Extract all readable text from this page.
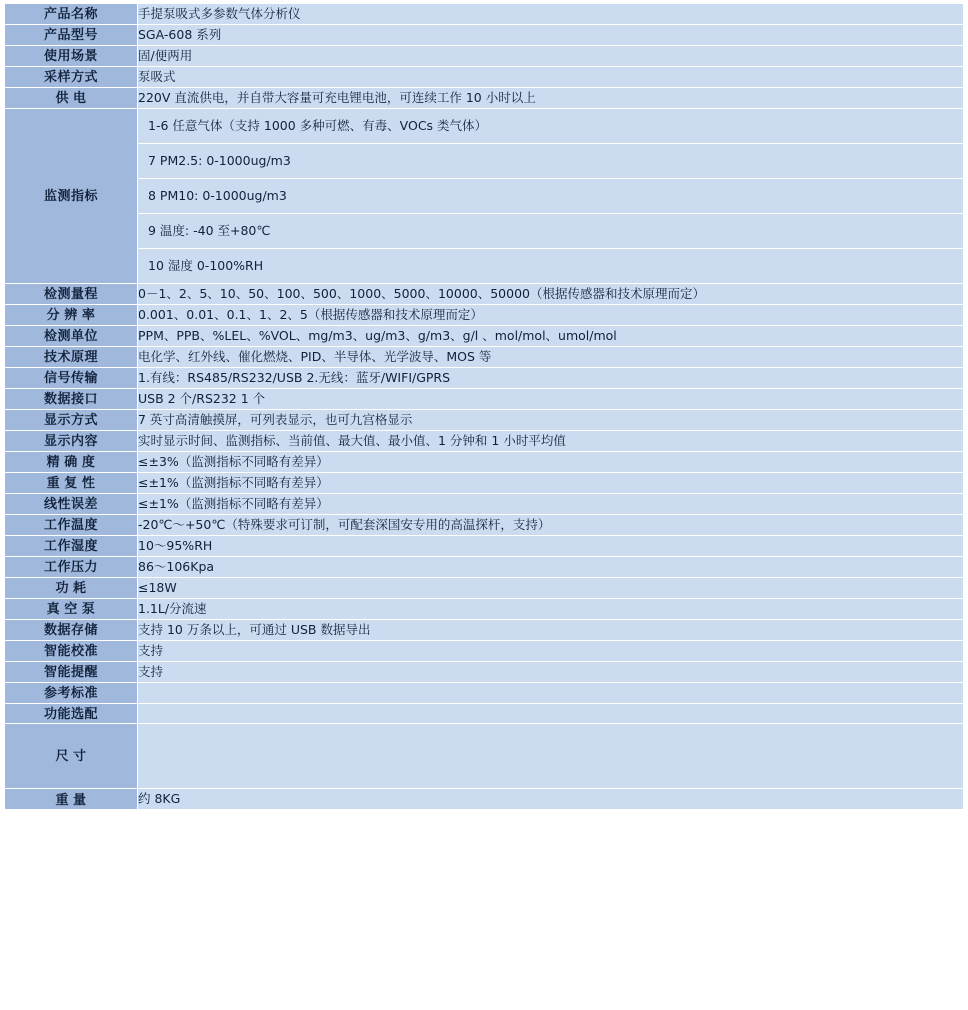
产品名称	手提泵吸式多参数气体分析仪
产品型号	SGA-608 系列
使用场景	固/便两用
采样方式	泵吸式
供 电	220V 直流供电，并自带大容量可充电锂电池，可连续工作 10 小时以上
监测指标	
1-6 任意气体（支持 1000 多种可燃、有毒、VOCs 类气体）
7 PM2.5: 0-1000ug/m3
8 PM10: 0-1000ug/m3
9 温度: -40 至+80℃
10 湿度 0-100%RH

检测量程	0－1、2、5、10、50、100、500、1000、5000、10000、50000（根据传感器和技术原理而定）
分 辨 率	0.001、0.01、0.1、1、2、5（根据传感器和技术原理而定）
检测单位	PPM、PPB、%LEL、%VOL、mg/m3、ug/m3、g/m3、g/l 、mol/mol、umol/mol
技术原理	电化学、红外线、催化燃烧、PID、半导体、光学波导、MOS 等
信号传输	1.有线：RS485/RS232/USB 2.无线：蓝牙/WIFI/GPRS
数据接口	USB 2 个/RS232 1 个
显示方式	7 英寸高清触摸屏，可列表显示，也可九宫格显示
显示内容	实时显示时间、监测指标、当前值、最大值、最小值、1 分钟和 1 小时平均值
精 确 度	≤±3%（监测指标不同略有差异）
重 复 性	≤±1%（监测指标不同略有差异）
线性误差	≤±1%（监测指标不同略有差异）
工作温度	-20℃～+50℃（特殊要求可订制，可配套深国安专用的高温探杆，支持）
工作湿度	10～95%RH
工作压力	86～106Kpa
功 耗	≤18W
真 空 泵	1.1L/分流速
数据存储	支持 10 万条以上，可通过 USB 数据导出
智能校准	支持
智能提醒	支持
参考标准	
功能选配	

尺 寸	

重 量	约 8KG
